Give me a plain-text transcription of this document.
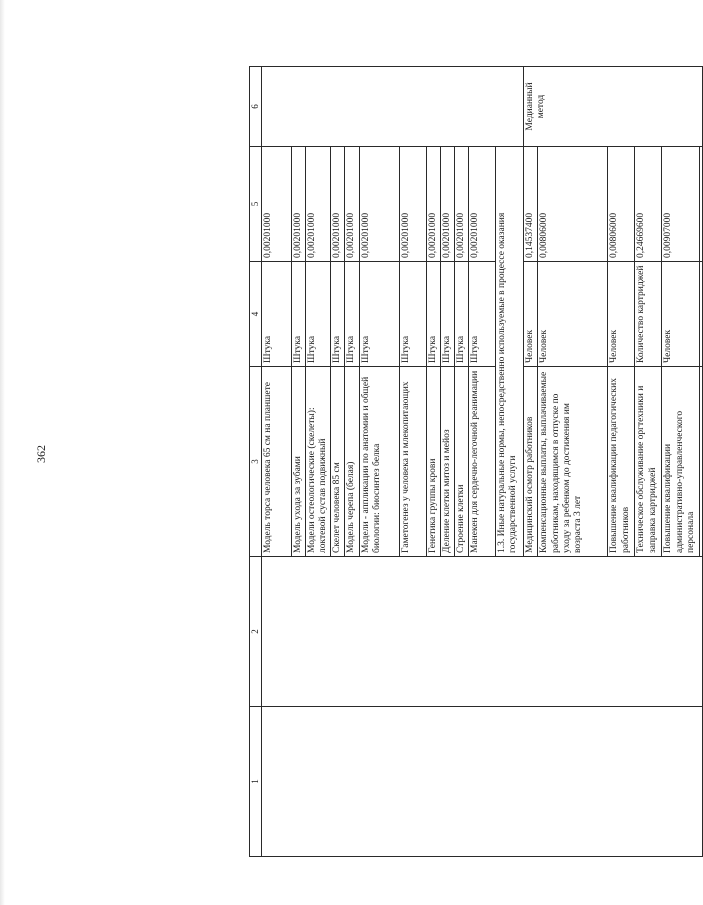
362
1	2	3	4	5	6
		Модель торса человека 65 см на планшете	Штука	0,00201000	
		Модель ухода за зубами	Штука	0,00201000	
		Модели остеологические (скелеты): локтевой сустав подвижный	Штука	0,00201000	
		Скелет человека 85 см	Штука	0,00201000	
		Модель черепа (белая)	Штука	0,00201000	
		Модели - аппликации по анатомии и общей биологии: биосинтез белка	Штука	0,00201000	
		Гаметогенез у человека и млекопитающих	Штука	0,00201000	
		Генетика группы крови	Штука	0,00201000	
		Деление клетки митоз и мейоз	Штука	0,00201000	
		Строение клетки	Штука	0,00201000	
		Манекен для сердечно-легочной реанимации	Штука	0,00201000	
		1.3. Иные натуральные нормы, непосредственно используемые в процессе оказания государственной услуги			
		Медицинский осмотр работников	Человек	0,14537400	Медианный метод
		Компенсационные выплаты, выплачиваемые работникам, находящимся в отпуске по уходу за ребенком до достижения им возраста 3 лет	Человек	0,00806000	
		Повышение квалификации педагогических работников	Человек	0,00806000	
		Техническое обслуживание оргтехники и заправка картриджей	Количество картриджей	0,24669600	
		Повышение квалификации административно-управленческого персонала	Человек	0,00907000	
